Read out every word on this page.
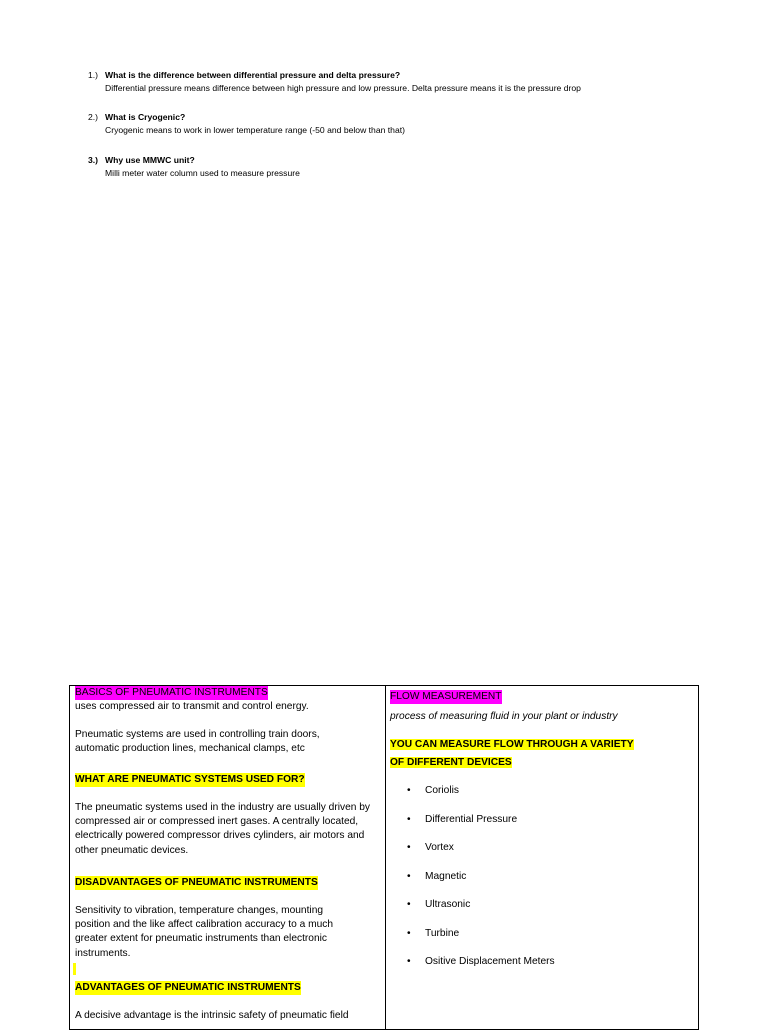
1.) What is the difference between differential pressure and delta pressure?
Differential pressure means difference between high pressure and low pressure. Delta pressure means it is the pressure drop
2.) What is Cryogenic?
Cryogenic means to work in lower temperature range (-50 and below than that)
3.) Why use MMWC unit?
Milli meter water column used to measure pressure
BASICS OF PNEUMATIC INSTRUMENTS

uses compressed air to transmit and control energy.

Pneumatic systems are used in controlling train doors, automatic production lines, mechanical clamps, etc

WHAT ARE PNEUMATIC SYSTEMS USED FOR?

The pneumatic systems used in the industry are usually driven by compressed air or compressed inert gases. A centrally located, electrically powered compressor drives cylinders, air motors and other pneumatic devices.

DISADVANTAGES OF PNEUMATIC INSTRUMENTS

Sensitivity to vibration, temperature changes, mounting position and the like affect calibration accuracy to a much greater extent for pneumatic instruments than electronic instruments.

ADVANTAGES OF PNEUMATIC INSTRUMENTS

A decisive advantage is the intrinsic safety of pneumatic field

FLOW MEASUREMENT

process of measuring fluid in your plant or industry

YOU CAN MEASURE FLOW THROUGH A VARIETY OF DIFFERENT DEVICES

• Coriolis
• Differential Pressure
• Vortex
• Magnetic
• Ultrasonic
• Turbine
• Ositive Displacement Meters
